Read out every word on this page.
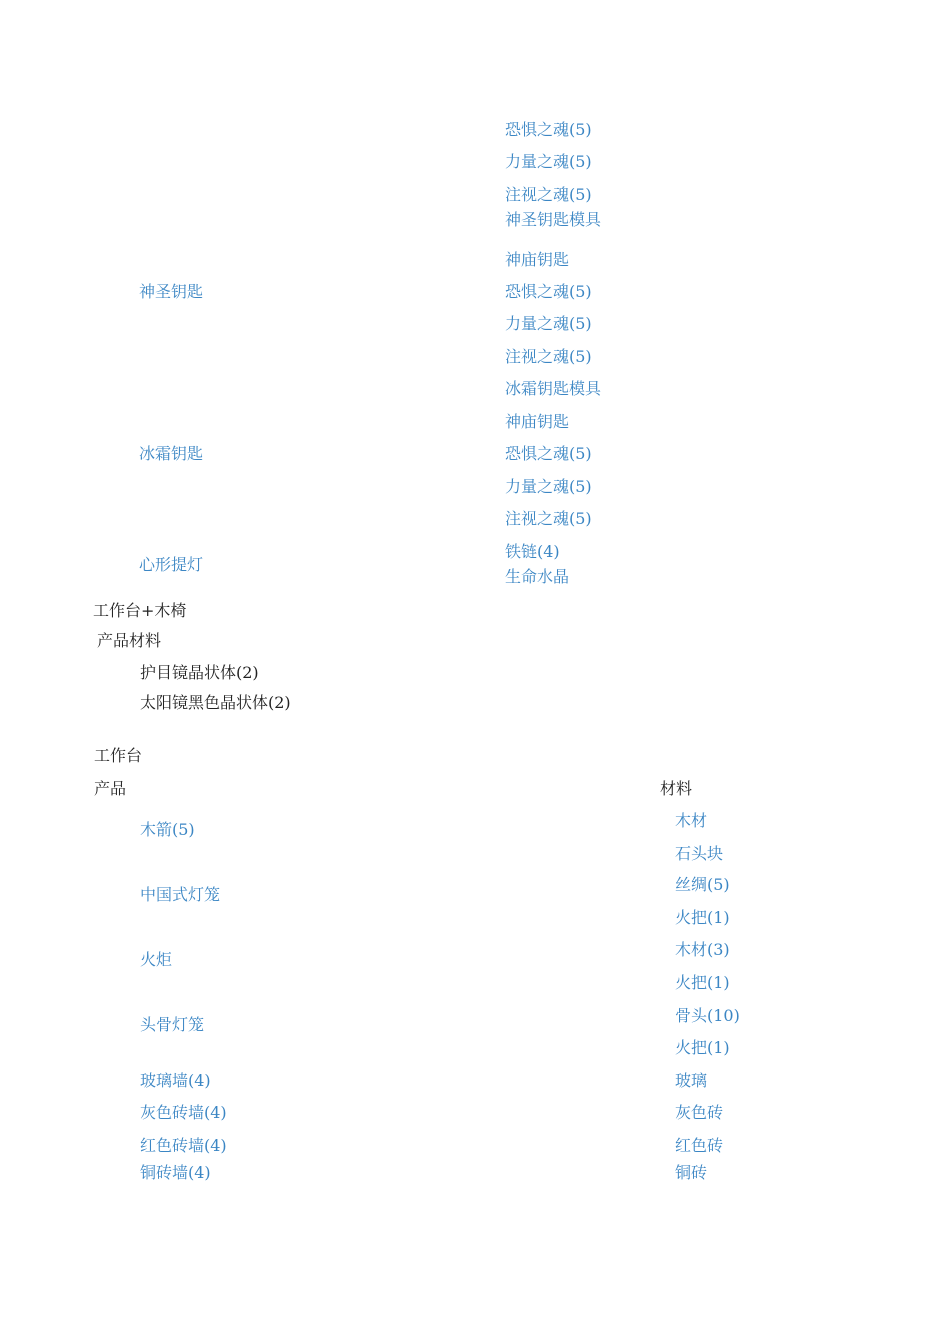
恐惧之魂(5)
力量之魂(5)
注视之魂(5)
神圣钥匙模具
神庙钥匙
恐惧之魂(5)
力量之魂(5)
注视之魂(5)
冰霜钥匙模具
神庙钥匙
恐惧之魂(5)
力量之魂(5)
注视之魂(5)
铁链(4)
生命水晶
神圣钥匙
冰霜钥匙
心形提灯
工作台+木椅
产品材料
护目镜晶状体(2)
太阳镜黑色晶状体(2)
工作台
产品	材料
木箭(5)
中国式灯笼
火炬
头骨灯笼
玻璃墙(4)
灰色砖墙(4)
红色砖墙(4)
铜砖墙(4)
木材
石头块
丝绸(5)
火把(1)
木材(3)
火把(1)
骨头(10)
火把(1)
玻璃
灰色砖
红色砖
铜砖
